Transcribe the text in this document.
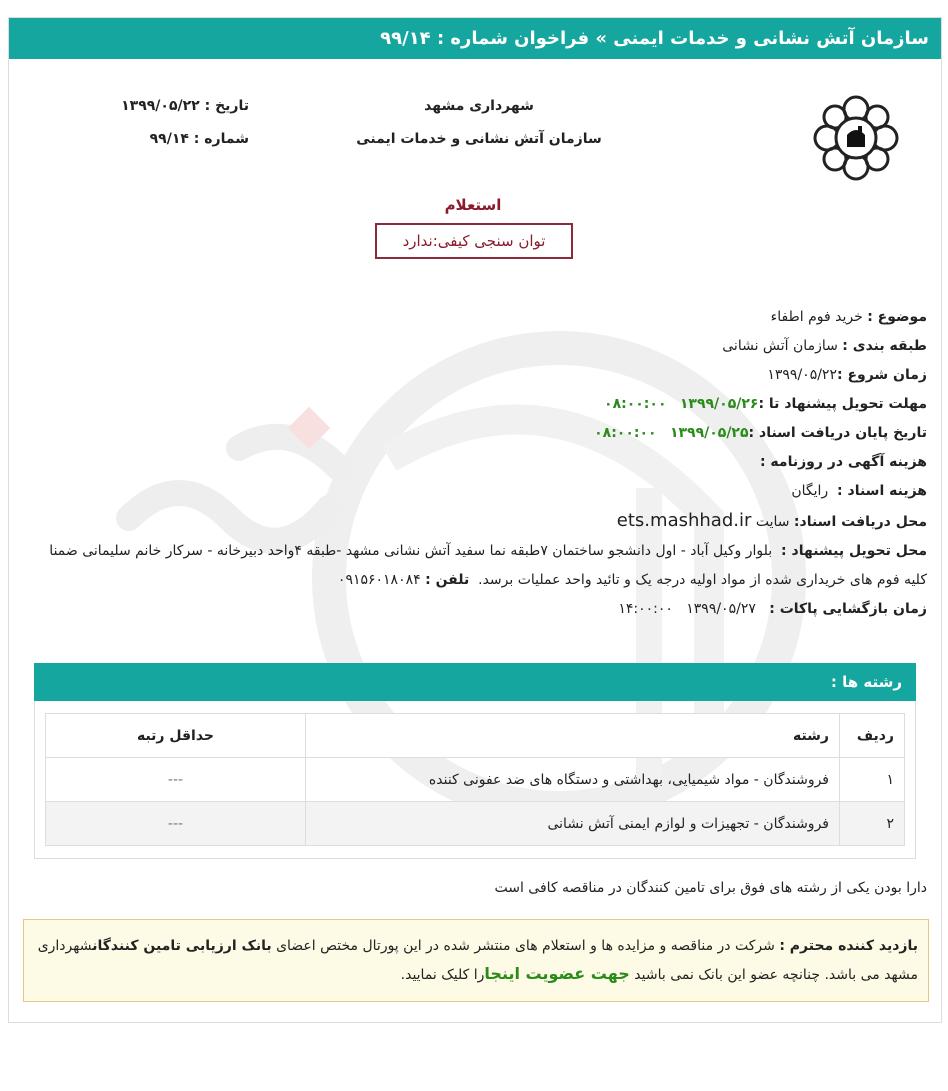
سازمان آتش نشانی و خدمات ایمنی » فراخوان شماره : ۹۹/۱۴
شهرداری مشهد
سازمان آتش نشانی و خدمات ایمنی
تاریخ : ۱۳۹۹/۰۵/۲۲
شماره : ۹۹/۱۴
استعلام
توان سنجی کیفی:ندارد
موضوع : خرید فوم اطفاء
طبقه بندی : سازمان آتش نشانی
زمان شروع :۱۳۹۹/۰۵/۲۲
مهلت تحویل پیشنهاد تا :۱۳۹۹/۰۵/۲۶   ۰۸:۰۰:۰۰
تاریخ پایان دریافت اسناد :۱۳۹۹/۰۵/۲۵   ۰۸:۰۰:۰۰
هزینه آگهی در روزنامه :
هزینه اسناد :  رایگان
محل دریافت اسناد: سایت ets.mashhad.ir
محل تحویل پیشنهاد :  بلوار وکیل آباد - اول دانشجو ساختمان ۷طبقه نما سفید آتش نشانی مشهد -طبقه ۴واحد دبیرخانه - سرکار خانم سلیمانی ضمنا کلیه فوم های خریداری شده از مواد اولیه درجه یک و تائید واحد عملیات برسد.  تلفن : ۰۹۱۵۶۰۱۸۰۸۴
زمان بازگشایی پاکات :   ۱۳۹۹/۰۵/۲۷   ۱۴:۰۰:۰۰
رشته ها :
ردیف	رشته	حداقل رتبه
۱	فروشندگان - مواد شیمیایی، بهداشتی و دستگاه های ضد عفونی کننده	---
۲	فروشندگان - تجهیزات و لوازم ایمنی آتش نشانی	---
دارا بودن یکی از رشته های فوق برای تامین کنندگان در مناقصه کافی است
بازدید کننده محترم : شرکت در مناقصه و مزایده ها و استعلام های منتشر شده در این پورتال مختص اعضای بانک ارزیابی تامین کنندگانشهرداری مشهد می باشد. چنانچه عضو این بانک نمی باشید جهت عضویت اینجارا کلیک نمایید.
